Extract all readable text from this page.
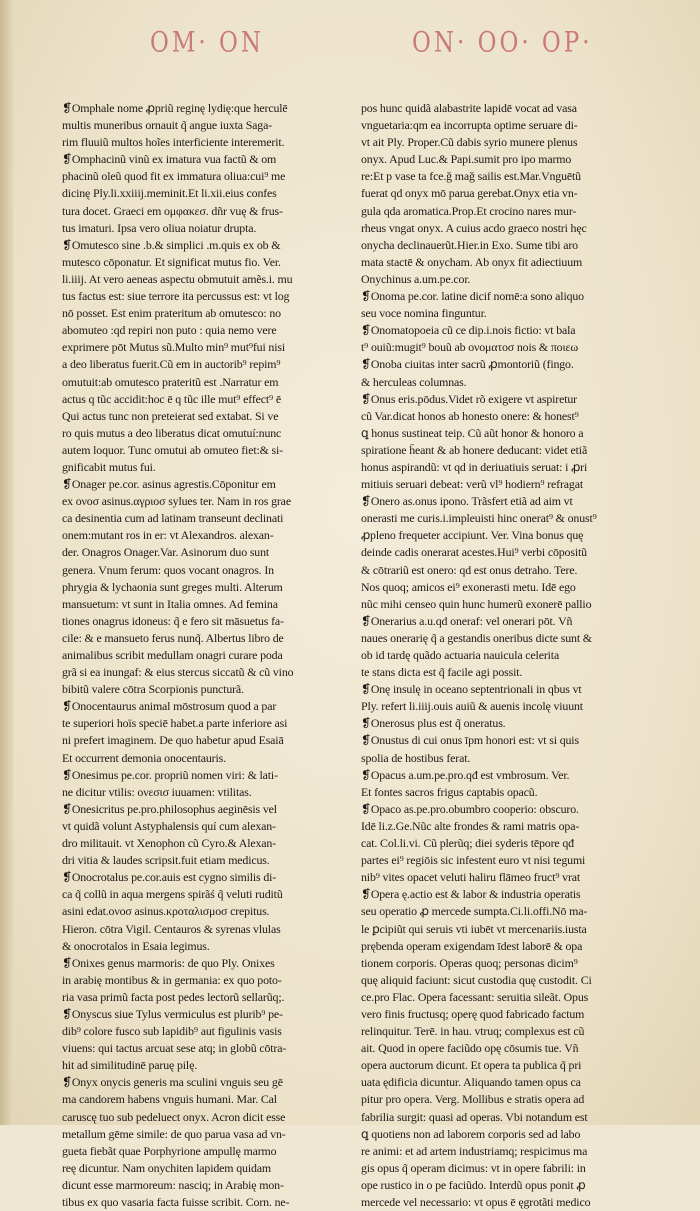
OM· ON	ON· OO· OP·
❡Omphale nome ꝓpriũ reginę lydię:que herculē
multis muneribus ornauit q̃ angue iuxta Saga-
rim fluuiũ multos hoĩes interficiente interemerit.
❡Omphacinũ vinũ ex imatura vua factũ & om
phacinũ oleũ quod fit ex immatura oliua:cui⁹ me
dicinę Ply.li.xxiiij.meminit.Et li.xii.eius confes
tura docet. Graeci em ομφακεσ. dñr vuę & frus-
tus imaturi. Ipsa vero oliua noiatur drupta.
❡Omutesco sine .b.& simplici .m.quis ex ob &
mutesco cōponatur. Et significat mutus fio. Ver.
li.iiij. At vero aeneas aspectu obmutuit amẽs.i. mu
tus factus est: siue terrore ita percussus est: vt log
nō posset. Est enim prateritum ab omutesco: no
abomuteo :qd repiri non puto : quia nemo vere
exprimere pōt Mutus sũ.Multo min⁹ mut⁹fui nisi
a deo liberatus fuerit.Cũ em in auctorib⁹ repim⁹
omutuit:ab omutesco prateritũ est .Narratur em
actus q tũc accidit:hoc ē q tũc ille mut⁹ effect⁹ ē
Qui actus tunc non preteierat sed extabat. Si ve
ro quis mutus a deo liberatus dicat omutuí:nunc
autem loquor. Tunc omutui ab omuteo fiet:& si-
gnificabit mutus fui.
❡Onager pe.cor. asinus agrestis.Cōponitur em
ex ονοσ asinus.αγριοσ sylues ter. Nam in ros grae
ca desinentia cum ad latinam transeunt declinati
onem:mutant ros in er: vt Alexandros. alexan-
der. Onagros Onager.Var. Asinorum duo sunt
genera. Vnum ferum: quos vocant onagros. In
phrygia & lychaonia sunt greges multi. Alterum
mansuetum: vt sunt in Italia omnes. Ad femina
tiones onagrus idoneus: q̃ e fero sit māsuetus fa-
cile: & e mansueto ferus nunq̃. Albertus libro de
animalibus scribit medullam onagri curare poda
grã si ea inungaf: & eius stercus siccatũ & cũ vino
bibitũ valere cōtra Scorpionis puncturã.
❡Onocentaurus animal mōstrosum quod a par
te superiori hoïs speciē habet.a parte inferiore asi
ni prefert imaginem. De quo habetur apud Esaiā
Et occurrent demonia onocentauris.
❡Onesimus pe.cor. propriũ nomen viri: & lati-
ne dicitur vtilis: ονεσισ iuuamen: vtilitas.
❡Onesicritus pe.pro.philosophus aeginēsis vel
vt quidã volunt Astyphalensis quí cum alexan-
dro militauit. vt Xenophon cũ Cyro.& Alexan-
dri vitia & laudes scripsit.fuit etiam medicus.
❡Onocrotalus pe.cor.auis est cygno similis di-
ca q̃ collũ in aqua mergens spirãś q̃ veluti ruditũ
asini edat.ονοσ asinus.κροταλισμοσ crepitus.
Hieron. cōtra Vigil. Centauros & syrenas vlulas
& onocrotalos in Esaia legimus.
❡Onixes genus marmoris: de quo Ply. Onixes
in arabię montibus & in germania: ex quo poto-
ria vasa primũ facta post pedes lectorũ sellarũq;.
❡Onyscus siue Tylus vermiculus est plurib⁹ pe-
dib⁹ colore fusco sub lapidib⁹ aut figulinis vasis
viuens: qui tactus arcuat sese atq; in globũ cōtra-
hit ad similitudinē paruę pilę.
❡Onyx onycis generis ma sculini vnguis seu gē
ma candorem habens vnguis humani. Mar. Cal
caruscę tuo sub pedeluect onyx. Acron dicit esse
metallum gēme simile: de quo parua vasa ad vn-
gueta fiebãt quae Porphyrione ampullę marmo
reę dicuntur. Nam onychiten lapidem quidam
dicunt esse marmoreum: nasciq; in Arabię mon-
tibus ex quo vasaria facta fuisse scribit. Corn. ne-
pos hunc quidã alabastrite lapidē vocat ad vasa
vnguetaria:qm ea incorrupta optime seruare di-
vt ait Ply. Proper.Cũ dabis syrio munere plenus
onyx. Apud Luc.& Papi.sumit pro ipo marmo
re:Et p vase ta fce.ğ mağ sailis est.Mar.Vnguētũ
fuerat qd onyx mō parua gerebat.Onyx etia vn-
gula qda aromatica.Prop.Et crocino nares mur-
rheus vngat onyx. A cuius acdo graeco nostri hęc
onycha declinauerũt.Hier.in Exo. Sume tibi aro
mata stactē & onycham. Ab onyx fit adiectiuum
Onychinus a.um.pe.cor.
❡Onoma pe.cor. latine dicif nomē:a sono aliquo
seu voce nomina finguntur.
❡Onomatopoeia cũ ce dip.i.nois fictio: vt bala
t⁹ ouiũ:mugit⁹ bouũ ab ονοματοσ nois & ποιεω
❡Onoba ciuitas inter sacrũ ꝓmontoriũ (fingo.
& herculeas columnas.
❡Onus eris.pōdus.Videt rõ exigere vt aspiretur
cũ Var.dicat honos ab honesto onere: & honest⁹
ꝗ honus sustineat teip. Cũ aũt honor & honoro a
spiratione h̄eant & ab honere deducant: videt etiã
honus aspirandũ: vt qd in deriuatiuis seruat: i ꝓri
mitiuis seruari debeat: verũ vl⁹ hodiern⁹ refragat
❡Onero as.onus ipono. Trãsfert etiã ad aim vt
onerasti me curis.i.impleuisti hinc onerat⁹ & onust⁹
ꝓpleno frequeter accipiunt. Ver. Vina bonus quę
deinde cadis onerarat acestes.Hui⁹ verbi cōpositũ
& cōtrariũ est onero: qd est onus detraho. Tere.
Nos quoq; amicos ei⁹ exonerasti metu. Idē ego
nũc mihi censeo quin hunc humerũ exonerē pallio
❡Onerarius a.u.qd oneraf: vel onerari pōt. Vñ
naues onerarię q̃ a gestandis oneribus dicte sunt &
ob id tardę quãdo actuaria nauicula celerita
te stans dicta est q̃ facile agi possit.
❡Onę insulę in oceano septentrionali in qbus vt
Ply. refert li.iiij.ouis auiũ & auenis incolę viuunt
❡Onerosus plus est q̃ oneratus.
❡Onustus di cui onus īpm honori est: vt si quis
spolia de hostibus ferat.
❡Opacus a.um.pe.pro.qđ est vmbrosum. Ver.
Et fontes sacros frigus captabis opacũ.
❡Opaco as.pe.pro.obumbro cooperio: obscuro.
Idē li.z.Ge.Nũc alte frondes & rami matris opa-
cat. Col.li.vi. Cũ plerũq; diei syderis tēpore qđ
partes ei⁹ regiōis sic infestent euro vt nisi tegumi
nib⁹ vites opacet veluti haliru flāmeo fruct⁹ vrat
❡Opera ę.actio est & labor & industria operatis
seu operatio ꝓ mercede sumpta.Ci.li.offi.Nō ma-
le ꝑcipiũt qui seruis vti iubēt vt mercenariis.iusta
prębenda operam exigendam īdest laborē & opa
tionem corporis. Operas quoq; personas dicim⁹
quę aliquid faciunt: sicut custodia quę custodit. Ci
ce.pro Flac. Opera facessant: seruitia sileãt. Opus
vero finis fructusq; operę quod fabricado factum
relinquitur. Terē. in hau. vtruq; complexus est cũ
ait. Quod in opere faciũdo opę cōsumis tue. Vñ
opera auctorum dicunt. Et opera ta publica q̃ pri
uata ędificia dicuntur. Aliquando tamen opus ca
pitur pro opera. Verg. Mollibus e stratis opera ad
fabrilia surgit: quasi ad operas. Vbi notandum est
ꝗ quotiens non ad laborem corporis sed ad labo
re animi: et ad artem industriamq; respicimus ma
gis opus q̃ operam dicimus: vt in opere fabrili: in
ope rustico in o pe faciũdo. Interdũ opus ponit ꝓ
mercede vel necessario: vt opus ē ęgrotãti medico
